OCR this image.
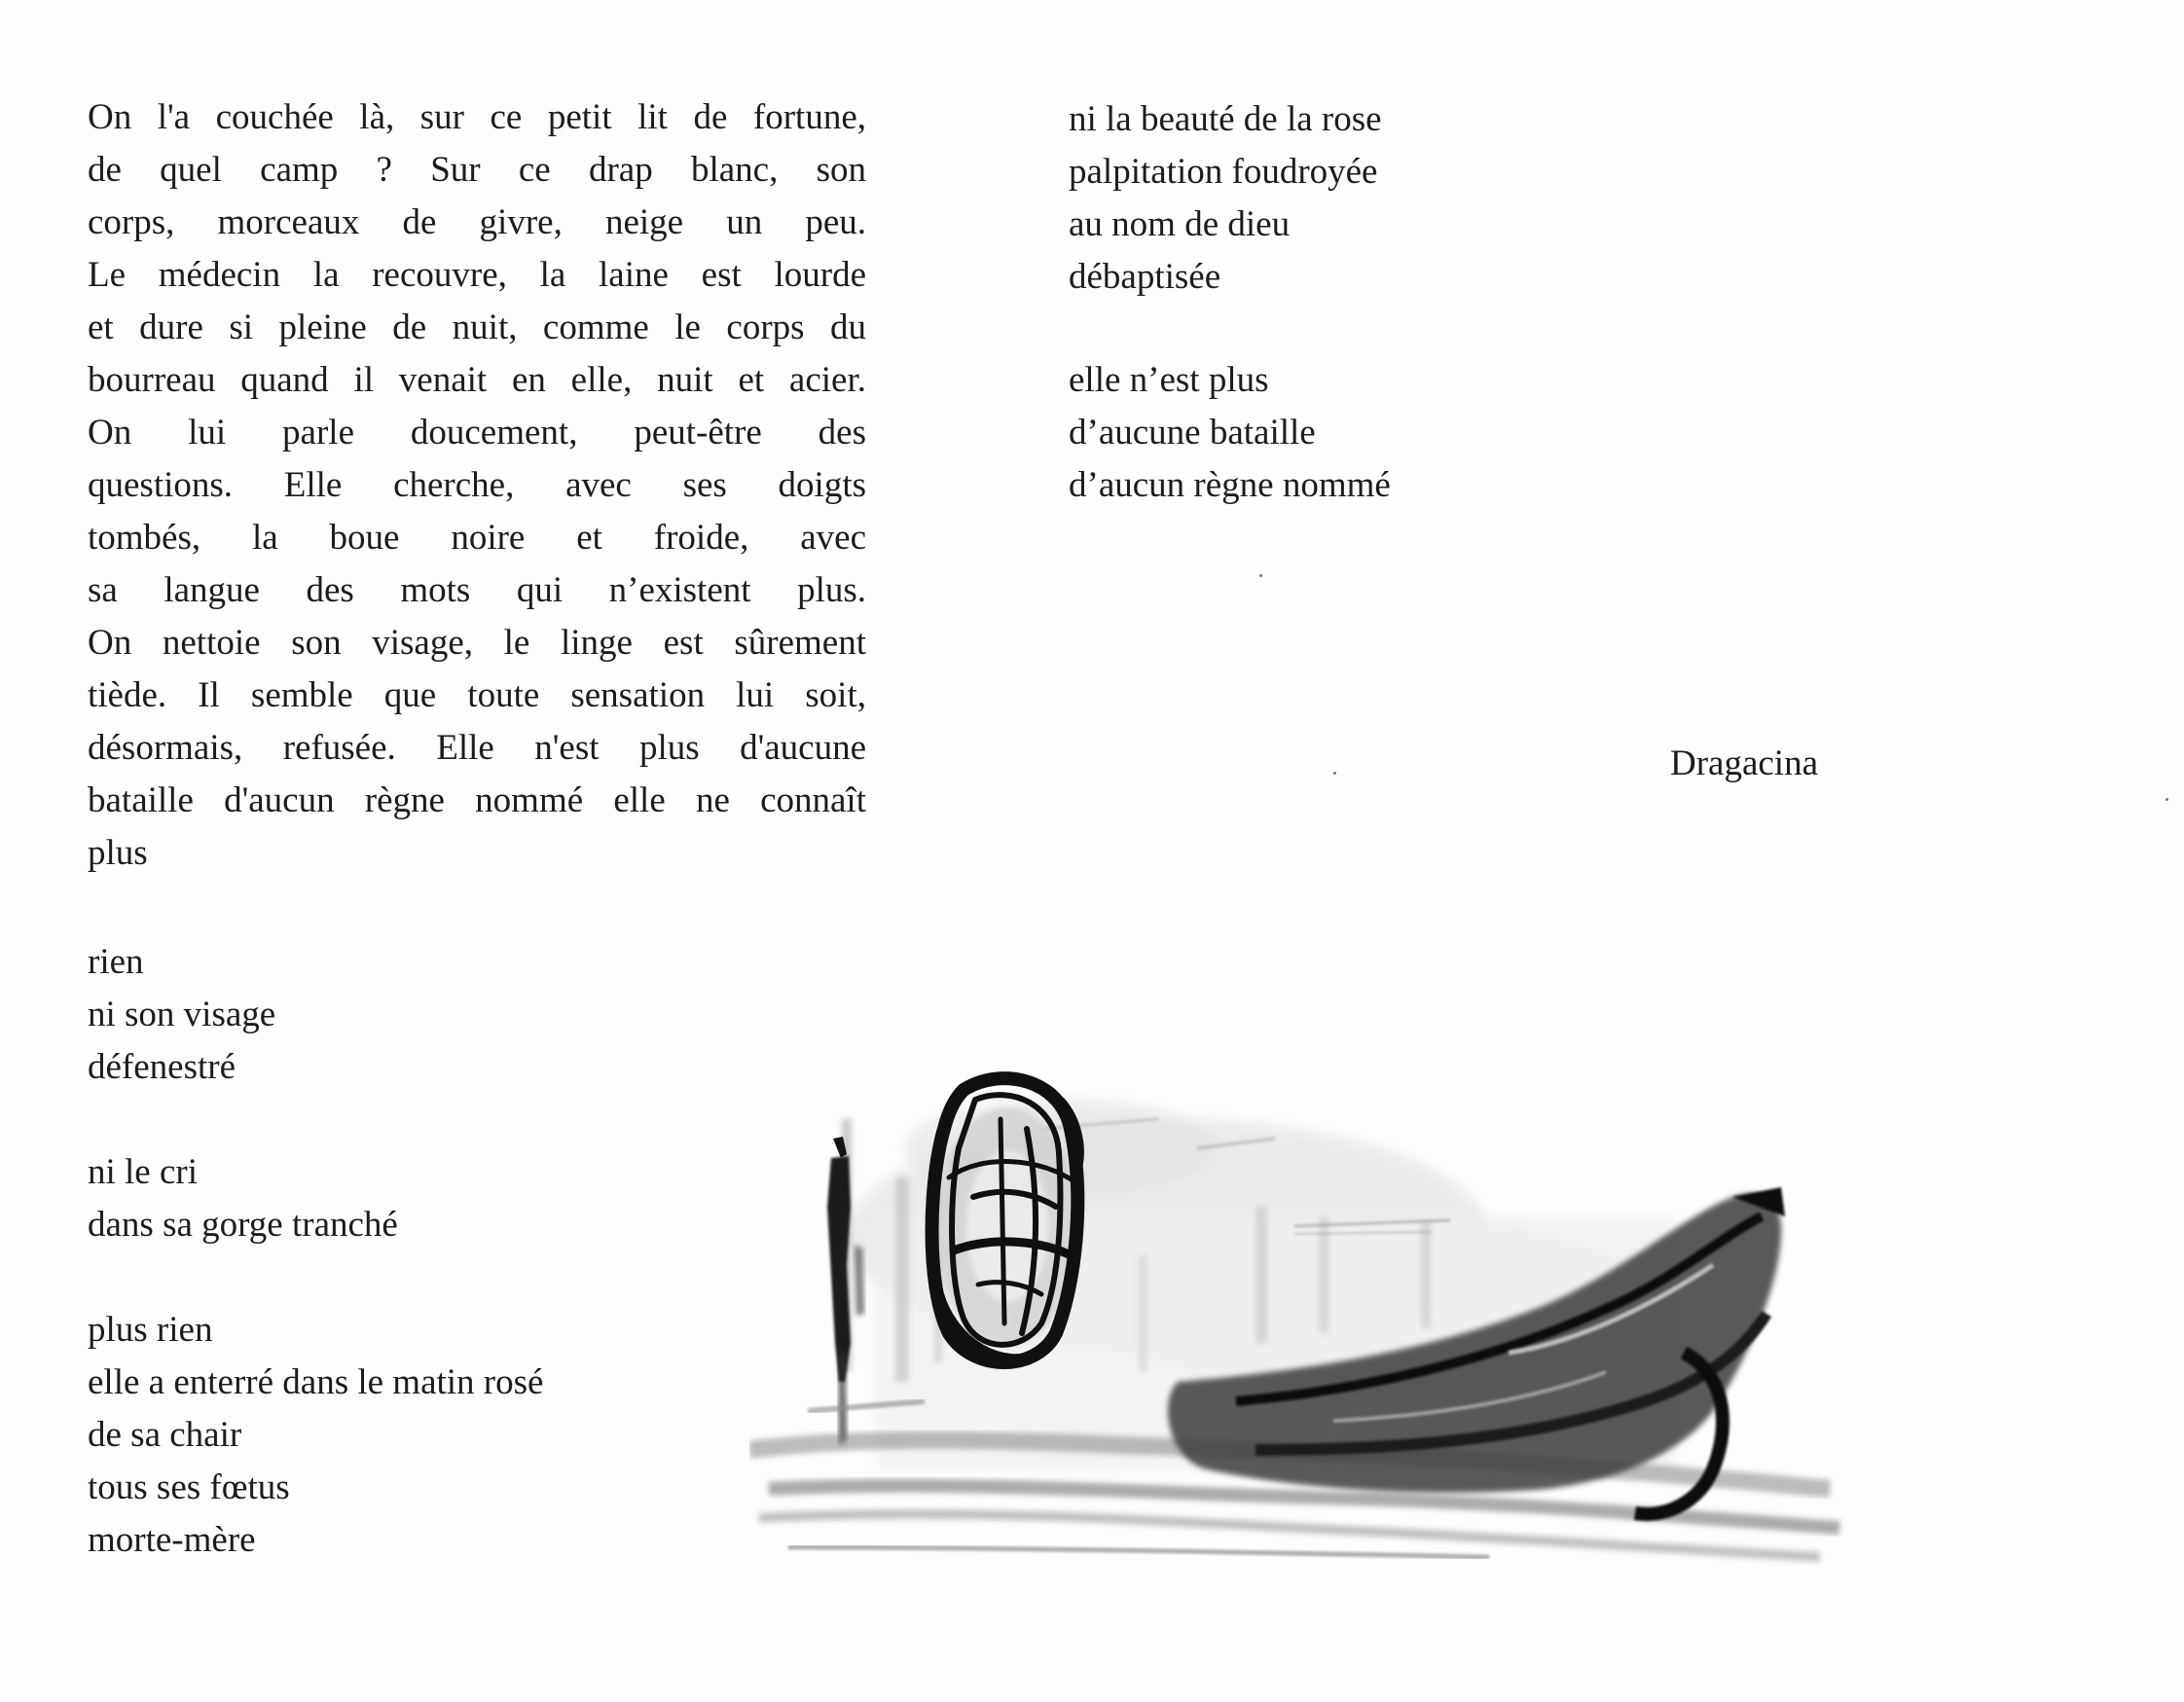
On l'a couchée là, sur ce petit lit de fortune,
de quel camp ? Sur ce drap blanc, son
corps, morceaux de givre, neige un peu.
Le médecin la recouvre, la laine est lourde
et dure si pleine de nuit, comme le corps du
bourreau quand il venait en elle, nuit et acier.
On lui parle doucement, peut-être des
questions. Elle cherche, avec ses doigts
tombés, la boue noire et froide, avec
sa langue des mots qui n’existent plus.
On nettoie son visage, le linge est sûrement
tiède. Il semble que toute sensation lui soit,
désormais, refusée. Elle n'est plus d'aucune
bataille d'aucun règne nommé elle ne connaît
plus
rien
ni son visage
défenestré
ni le cri
dans sa gorge tranché
plus rien
elle a enterré dans le matin rosé
de sa chair
tous ses fœtus
morte-mère
ni la beauté de la rose
palpitation foudroyée
au nom de dieu
débaptisée
elle n’est plus
d’aucune bataille
d’aucun règne nommé
Dragacina
